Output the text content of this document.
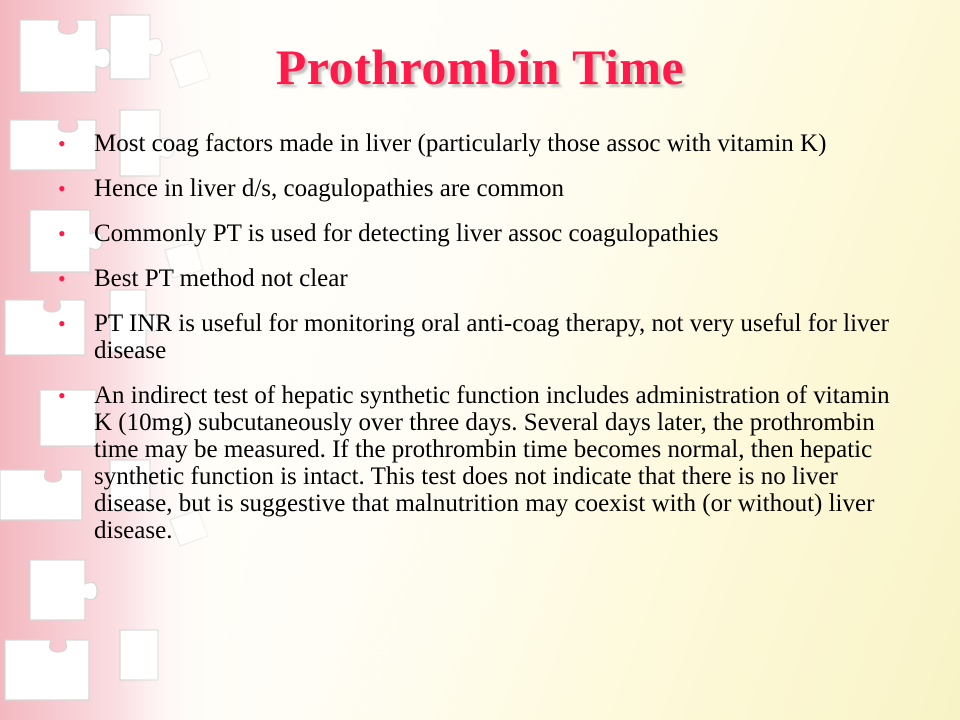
Prothrombin Time
• Most coag factors made in liver (particularly those assoc with vitamin K)
• Hence in liver d/s, coagulopathies are common
• Commonly PT is used for detecting liver assoc coagulopathies
• Best PT method not clear
• PT INR is useful for monitoring oral anti-coag therapy, not very useful for liver disease
• An indirect test of hepatic synthetic function includes administration of vitamin K (10mg) subcutaneously over three days. Several days later, the prothrombin time may be measured. If the prothrombin time becomes normal, then hepatic synthetic function is intact. This test does not indicate that there is no liver disease, but is suggestive that malnutrition may coexist with (or without) liver disease.
